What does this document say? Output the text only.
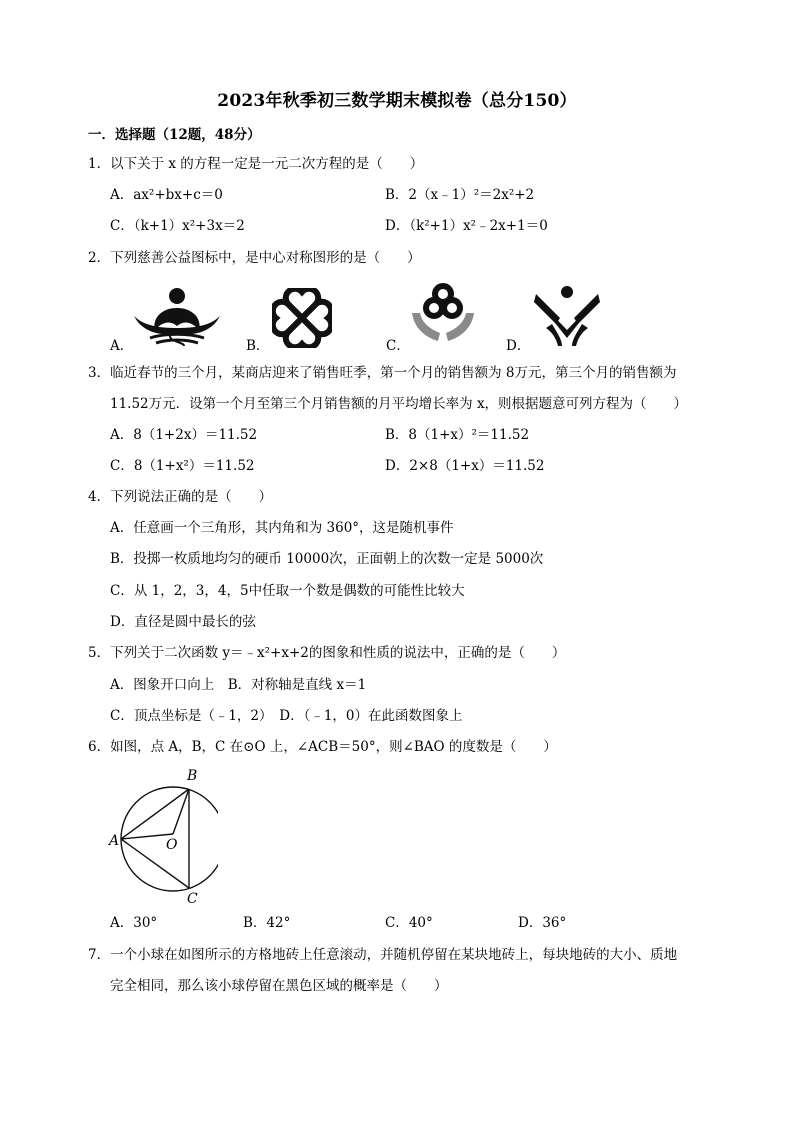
2023年秋季初三数学期末模拟卷（总分150）
一．选择题（12题，48分）
1．以下关于 x 的方程一定是一元二次方程的是（　　）
A．ax²+bx+c＝0	B．2（x﹣1）²＝2x²+2
C．（k+1）x²+3x＝2	D．（k²+1）x²﹣2x+1＝0
2．下列慈善公益图标中，是中心对称图形的是（　　）
A．	B．	C．	D．
3．临近春节的三个月，某商店迎来了销售旺季，第一个月的销售额为 8万元，第三个月的销售额为
11.52万元．设第一个月至第三个月销售额的月平均增长率为 x，则根据题意可列方程为（　　）
A．8（1+2x）＝11.52	B．8（1+x）²＝11.52
C．8（1+x²）＝11.52	D．2×8（1+x）＝11.52
4．下列说法正确的是（　　）
A．任意画一个三角形，其内角和为 360°，这是随机事件
B．投掷一枚质地均匀的硬币 10000次，正面朝上的次数一定是 5000次
C．从 1，2，3，4，5中任取一个数是偶数的可能性比较大
D．直径是圆中最长的弦
5．下列关于二次函数 y＝﹣x²+x+2的图象和性质的说法中，正确的是（　　）
A．图象开口向上　B．对称轴是直线 x＝1
C．顶点坐标是（﹣1，2）　D．（﹣1，0）在此函数图象上
6．如图，点 A，B，C 在⊙O 上，∠ACB＝50°，则∠BAO 的度数是（　　）
B
A	O
C
A．30°	B．42°	C．40°	D．36°
7．一个小球在如图所示的方格地砖上任意滚动，并随机停留在某块地砖上，每块地砖的大小、质地
完全相同，那么该小球停留在黑色区域的概率是（　　）
